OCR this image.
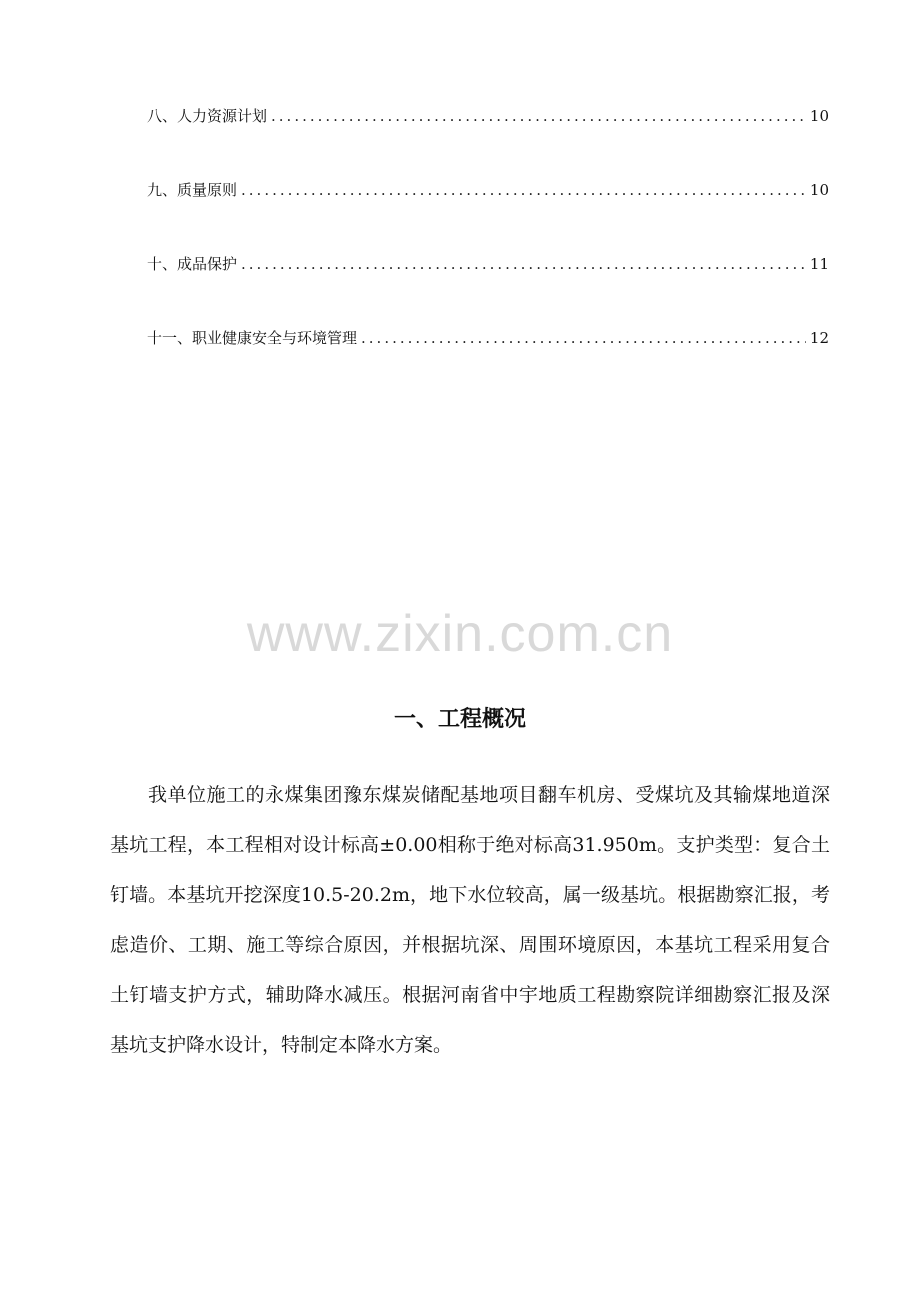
八、人力资源计划 .....	10
九、质量原则 .....	10
十、成品保护 .....	11
十一、职业健康安全与环境管理 .....	12
www.zixin.com.cn
一、工程概况

我单位施工的永煤集团豫东煤炭储配基地项目翻车机房、受煤坑及其输煤地道深基坑工程，本工程相对设计标高±0.00相称于绝对标高31.950m。支护类型：复合土钉墙。本基坑开挖深度10.5-20.2m，地下水位较高，属一级基坑。根据勘察汇报，考虑造价、工期、施工等综合原因，并根据坑深、周围环境原因，本基坑工程采用复合土钉墙支护方式，辅助降水减压。根据河南省中宇地质工程勘察院详细勘察汇报及深基坑支护降水设计，特制定本降水方案。
